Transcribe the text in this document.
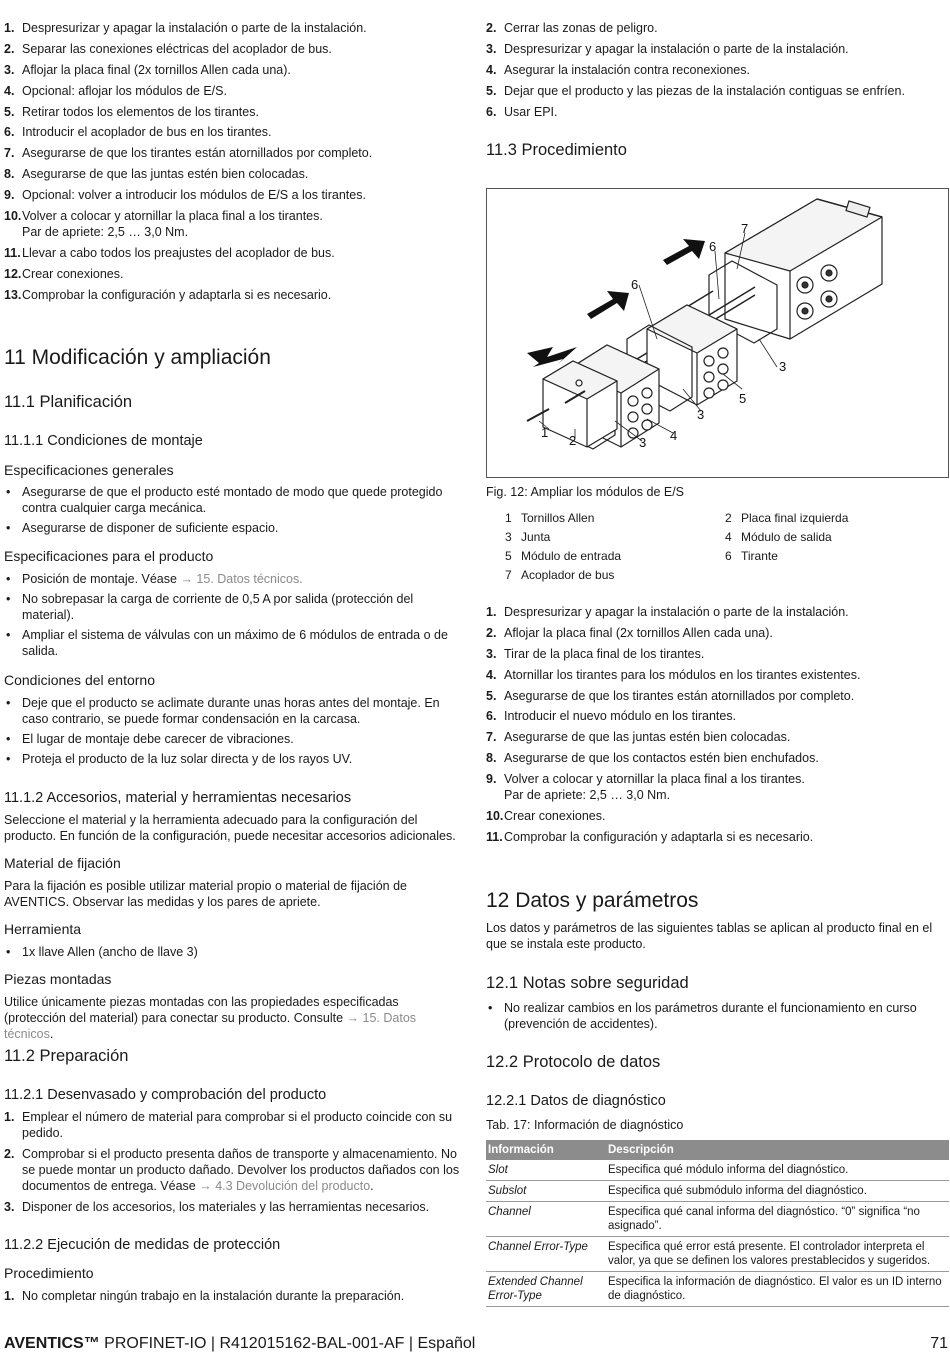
1. Despresurizar y apagar la instalación o parte de la instalación.
2. Separar las conexiones eléctricas del acoplador de bus.
3. Aflojar la placa final (2x tornillos Allen cada una).
4. Opcional: aflojar los módulos de E/S.
5. Retirar todos los elementos de los tirantes.
6. Introducir el acoplador de bus en los tirantes.
7. Asegurarse de que los tirantes están atornillados por completo.
8. Asegurarse de que las juntas estén bien colocadas.
9. Opcional: volver a introducir los módulos de E/S a los tirantes.
10. Volver a colocar y atornillar la placa final a los tirantes.
Par de apriete: 2,5 … 3,0 Nm.
11. Llevar a cabo todos los preajustes del acoplador de bus.
12. Crear conexiones.
13. Comprobar la configuración y adaptarla si es necesario.
11 Modificación y ampliación
11.1 Planificación
11.1.1 Condiciones de montaje
Especificaciones generales
• Asegurarse de que el producto esté montado de modo que quede protegido contra cualquier carga mecánica.
• Asegurarse de disponer de suficiente espacio.
Especificaciones para el producto
• Posición de montaje. Véase → 15. Datos técnicos.
• No sobrepasar la carga de corriente de 0,5 A por salida (protección del material).
• Ampliar el sistema de válvulas con un máximo de 6 módulos de entrada o de salida.
Condiciones del entorno
• Deje que el producto se aclimate durante unas horas antes del montaje. En caso contrario, se puede formar condensación en la carcasa.
• El lugar de montaje debe carecer de vibraciones.
• Proteja el producto de la luz solar directa y de los rayos UV.
11.1.2 Accesorios, material y herramientas necesarios

Seleccione el material y la herramienta adecuado para la configuración del producto. En función de la configuración, puede necesitar accesorios adicionales.

Material de fijación

Para la fijación es posible utilizar material propio o material de fijación de AVENTICS. Observar las medidas y los pares de apriete.

Herramienta
• 1x llave Allen (ancho de llave 3)
Piezas montadas

Utilice únicamente piezas montadas con las propiedades especificadas (protección del material) para conectar su producto. Consulte → 15. Datos técnicos.

11.2 Preparación
11.2.1 Desenvasado y comprobación del producto
1. Emplear el número de material para comprobar si el producto coincide con su pedido.
2. Comprobar si el producto presenta daños de transporte y almacenamiento. No se puede montar un producto dañado. Devolver los productos dañados con los documentos de entrega. Véase → 4.3 Devolución del producto.
3. Disponer de los accesorios, los materiales y las herramientas necesarios.
11.2.2 Ejecución de medidas de protección
Procedimiento
1. No completar ningún trabajo en la instalación durante la preparación.
2. Cerrar las zonas de peligro.
3. Despresurizar y apagar la instalación o parte de la instalación.
4. Asegurar la instalación contra reconexiones.
5. Dejar que el producto y las piezas de la instalación contiguas se enfríen.
6. Usar EPI.
11.3 Procedimiento
1
2	3 4
3
5
3
6
6
7
Fig. 12: Ampliar los módulos de E/S
1 Tornillos Allen	2 Placa final izquierda
3 Junta	4 Módulo de salida
5 Módulo de entrada	6 Tirante
7 Acoplador de bus
1. Despresurizar y apagar la instalación o parte de la instalación.
2. Aflojar la placa final (2x tornillos Allen cada una).
3. Tirar de la placa final de los tirantes.
4. Atornillar los tirantes para los módulos en los tirantes existentes.
5. Asegurarse de que los tirantes están atornillados por completo.
6. Introducir el nuevo módulo en los tirantes.
7. Asegurarse de que las juntas estén bien colocadas.
8. Asegurarse de que los contactos estén bien enchufados.
9. Volver a colocar y atornillar la placa final a los tirantes.
Par de apriete: 2,5 … 3,0 Nm.
10. Crear conexiones.
11. Comprobar la configuración y adaptarla si es necesario.
12 Datos y parámetros

Los datos y parámetros de las siguientes tablas se aplican al producto final en el que se instala este producto.

12.1 Notas sobre seguridad
• No realizar cambios en los parámetros durante el funcionamiento en curso (prevención de accidentes).
12.2 Protocolo de datos
12.2.1 Datos de diagnóstico
Tab. 17: Información de diagnóstico
Información	Descripción
Slot	Especifica qué módulo informa del diagnóstico.
Subslot	Especifica qué submódulo informa del diagnóstico.
Channel	Especifica qué canal informa del diagnóstico. “0” significa “no asignado”.
Channel Error-Type	Especifica qué error está presente. El controlador interpreta el valor, ya que se definen los valores prestablecidos y sugeridos.
Extended Channel Error-Type	Especifica la información de diagnóstico. El valor es un ID interno de diagnóstico.
AVENTICS™ PROFINET-IO | R412015162-BAL-001-AF | Español	71
